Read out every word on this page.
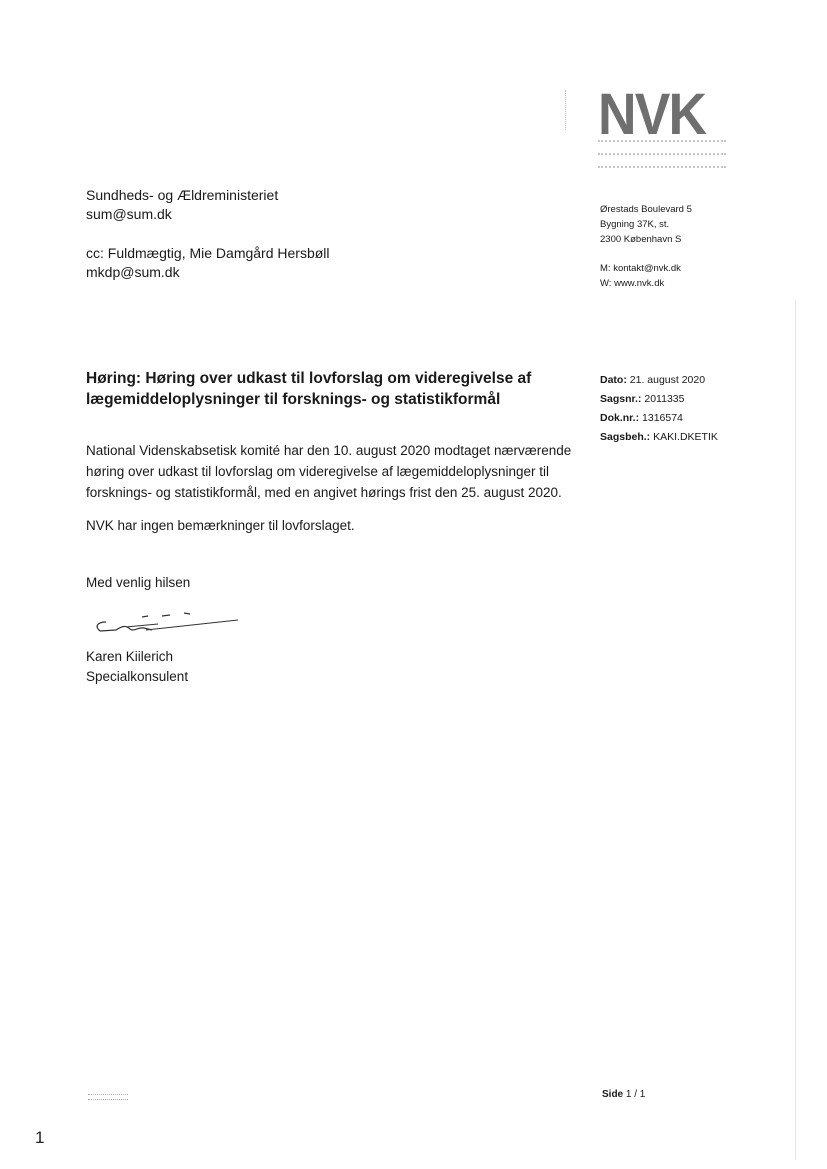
NVK
Sundheds- og Ældreministeriet
sum@sum.dk
cc: Fuldmægtig, Mie Damgård Hersbøll
mkdp@sum.dk
Ørestads Boulevard 5
Bygning 37K, st.
2300 København S
M: kontakt@nvk.dk
W: www.nvk.dk
Høring: Høring over udkast til lovforslag om videregivelse af lægemiddeloplysninger til forsknings- og statistikformål
Dato: 21. august 2020
Sagsnr.: 2011335
Dok.nr.: 1316574
Sagsbeh.: KAKI.DKETIK
National Videnskabsetisk komité har den 10. august 2020 modtaget nærværende høring over udkast til lovforslag om videregivelse af lægemiddeloplysninger til forsknings- og statistikformål, med en angivet hørings frist den 25. august 2020.
NVK har ingen bemærkninger til lovforslaget.
Med venlig hilsen
Karen Kiilerich
Specialkonsulent
Side 1 / 1
1
